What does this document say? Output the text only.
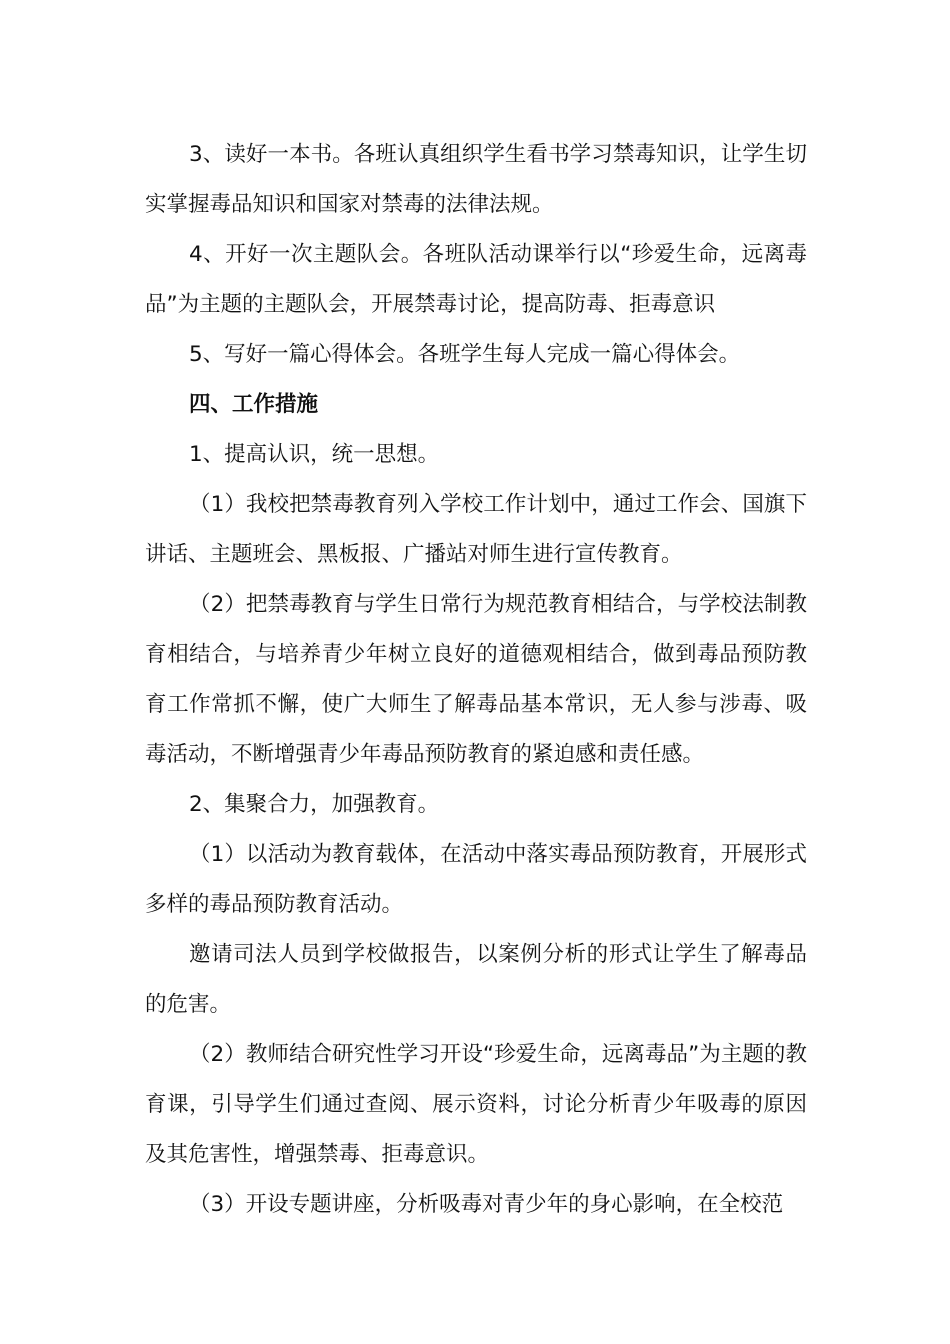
3、读好一本书。各班认真组织学生看书学习禁毒知识，让学生切实掌握毒品知识和国家对禁毒的法律法规。

4、开好一次主题队会。各班队活动课举行以“珍爱生命，远离毒品”为主题的主题队会，开展禁毒讨论，提高防毒、拒毒意识

5、写好一篇心得体会。各班学生每人完成一篇心得体会。

四、工作措施

1、提高认识，统一思想。

（1）我校把禁毒教育列入学校工作计划中，通过工作会、国旗下讲话、主题班会、黑板报、广播站对师生进行宣传教育。

（2）把禁毒教育与学生日常行为规范教育相结合，与学校法制教育相结合，与培养青少年树立良好的道德观相结合，做到毒品预防教育工作常抓不懈，使广大师生了解毒品基本常识，无人参与涉毒、吸毒活动，不断增强青少年毒品预防教育的紧迫感和责任感。

2、集聚合力，加强教育。

（1）以活动为教育载体，在活动中落实毒品预防教育，开展形式多样的毒品预防教育活动。

邀请司法人员到学校做报告，以案例分析的形式让学生了解毒品的危害。

（2）教师结合研究性学习开设“珍爱生命，远离毒品”为主题的教育课，引导学生们通过查阅、展示资料，讨论分析青少年吸毒的原因及其危害性，增强禁毒、拒毒意识。

（3）开设专题讲座，分析吸毒对青少年的身心影响，在全校范
